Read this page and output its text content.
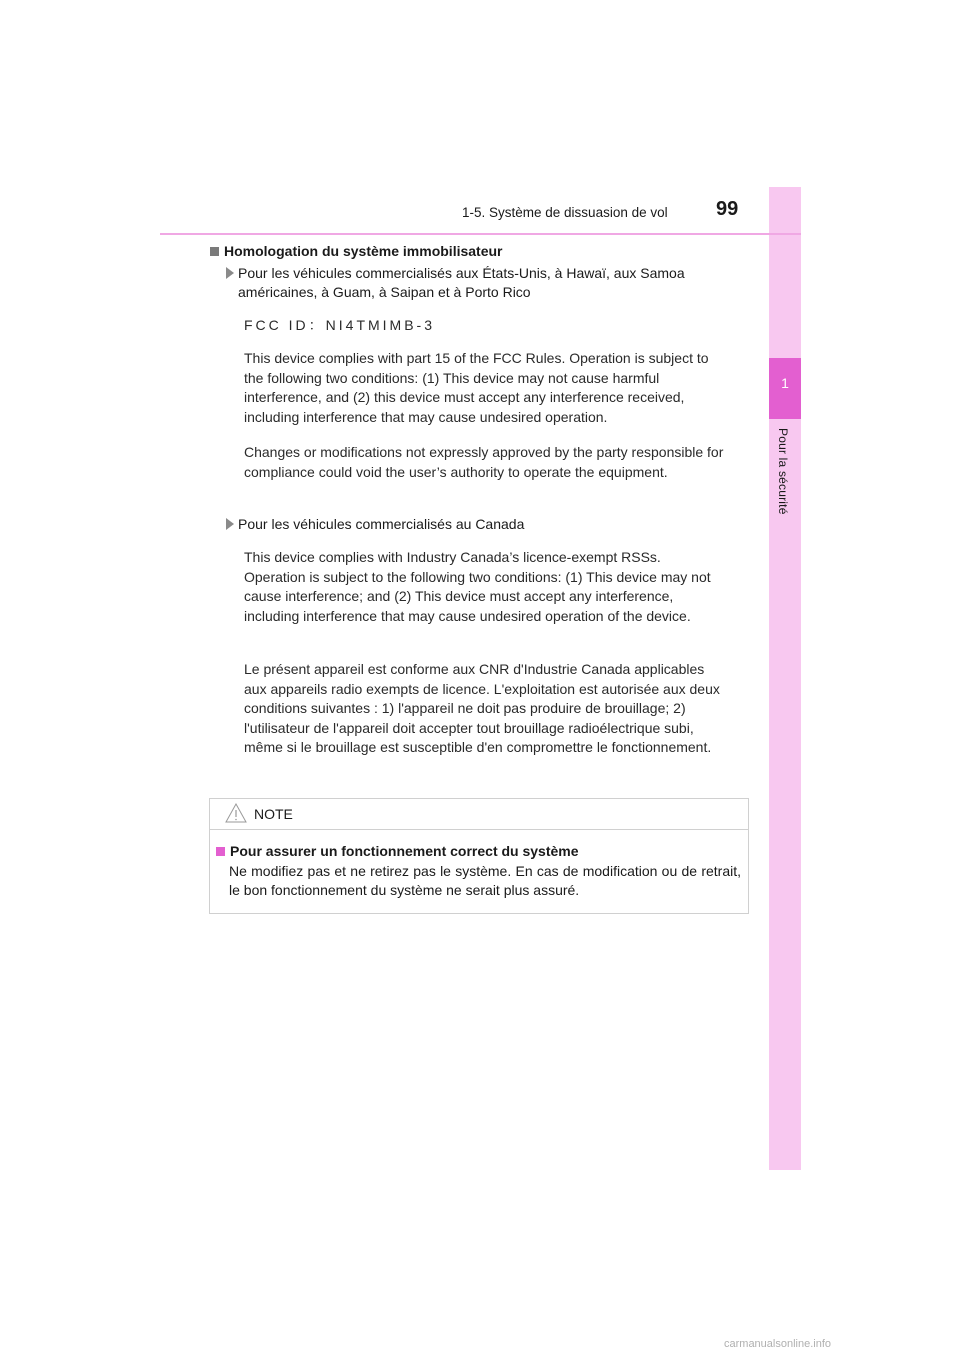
1
Pour la sécurité
1-5. Système de dissuasion de vol 99
Homologation du système immobilisateur
Pour les véhicules commercialisés aux États-Unis, à Hawaï, aux Samoa
américaines, à Guam, à Saipan et à Porto Rico

FCC ID：NI4TMIMB-3

This device complies with part 15 of the FCC Rules. Operation is subject to the following two conditions: (1) This device may not cause harmful interference, and (2) this device must accept any interference received, including interference that may cause undesired operation.

Changes or modifications not expressly approved by the party responsible for compliance could void the user’s authority to operate the equipment.

Pour les véhicules commercialisés au Canada

This device complies with Industry Canada’s licence-exempt RSSs. Operation is subject to the following two conditions: (1) This device may not cause interference; and (2) This device must accept any interference, including interference that may cause undesired operation of the device.

Le présent appareil est conforme aux CNR d'Industrie Canada applicables aux appareils radio exempts de licence. L'exploitation est autorisée aux deux conditions suivantes : 1) l'appareil ne doit pas produire de brouillage; 2) l'utilisateur de l'appareil doit accepter tout brouillage radioélectrique subi, même si le brouillage est susceptible d'en compromettre le fonctionnement.

NOTE
Pour assurer un fonctionnement correct du système
Ne modifiez pas et ne retirez pas le système. En cas de modification ou de retrait, le bon fonctionnement du système ne serait plus assuré.
carmanualsonline.info
